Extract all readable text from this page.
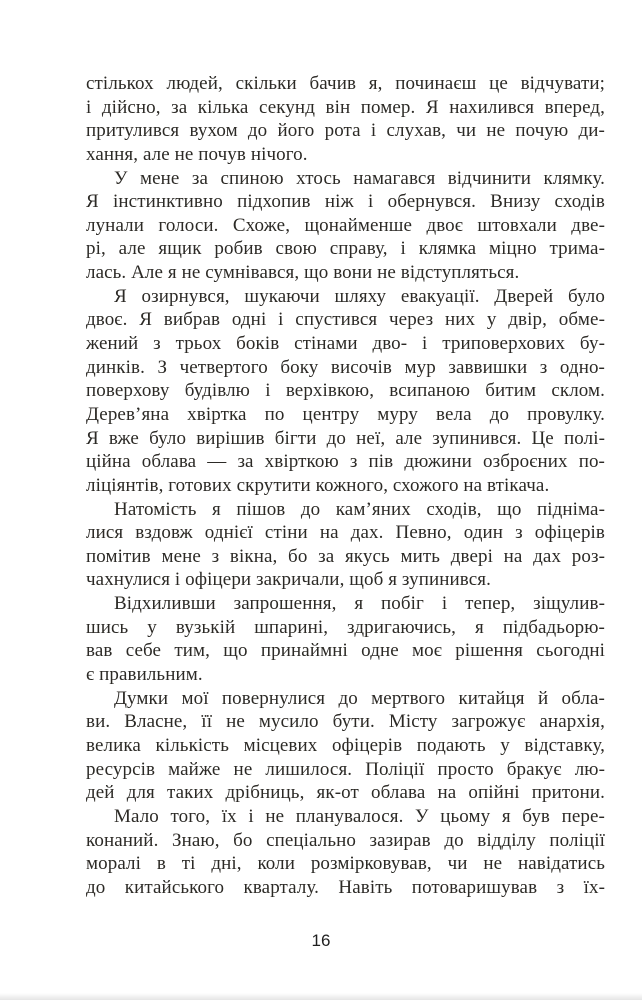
стількох людей, скільки бачив я, починаєш це відчувати;
і дійсно, за кілька секунд він помер. Я нахилився вперед,
притулився вухом до його рота і слухав, чи не почую ди-
хання, але не почув нічого.

У мене за спиною хтось намагався відчинити клямку.
Я інстинктивно підхопив ніж і обернувся. Внизу сходів
лунали голоси. Схоже, щонайменше двоє штовхали две-
рі, але ящик робив свою справу, і клямка міцно трима-
лась. Але я не сумнівався, що вони не відступляться.

Я озирнувся, шукаючи шляху евакуації. Дверей було
двоє. Я вибрав одні і спустився через них у двір, обме-
жений з трьох боків стінами дво- і триповерхових бу-
динків. З четвертого боку височів мур заввишки з одно-
поверхову будівлю і верхівкою, всипаною битим склом.
Дерев’яна хвіртка по центру муру вела до провулку.
Я вже було вирішив бігти до неї, але зупинився. Це полі-
ційна облава — за хвірткою з пів дюжини озброєних по-
ліціянтів, готових скрутити кожного, схожого на втікача.

Натомість я пішов до кам’яних сходів, що підніма-
лися вздовж однієї стіни на дах. Певно, один з офіцерів
помітив мене з вікна, бо за якусь мить двері на дах роз-
чахнулися і офіцери закричали, щоб я зупинився.

Відхиливши запрошення, я побіг і тепер, зіщулив-
шись у вузькій шпарині, здригаючись, я підбадьорю-
вав себе тим, що принаймні одне моє рішення сьогодні
є правильним.

Думки мої повернулися до мертвого китайця й обла-
ви. Власне, її не мусило бути. Місту загрожує анархія,
велика кількість місцевих офіцерів подають у відставку,
ресурсів майже не лишилося. Поліції просто бракує лю-
дей для таких дрібниць, як-от облава на опійні притони.

Мало того, їх і не планувалося. У цьому я був пере-
конаний. Знаю, бо спеціально зазирав до відділу поліції
моралі в ті дні, коли розмірковував, чи не навідатись
до китайського кварталу. Навіть потоваришував з їх-

16
